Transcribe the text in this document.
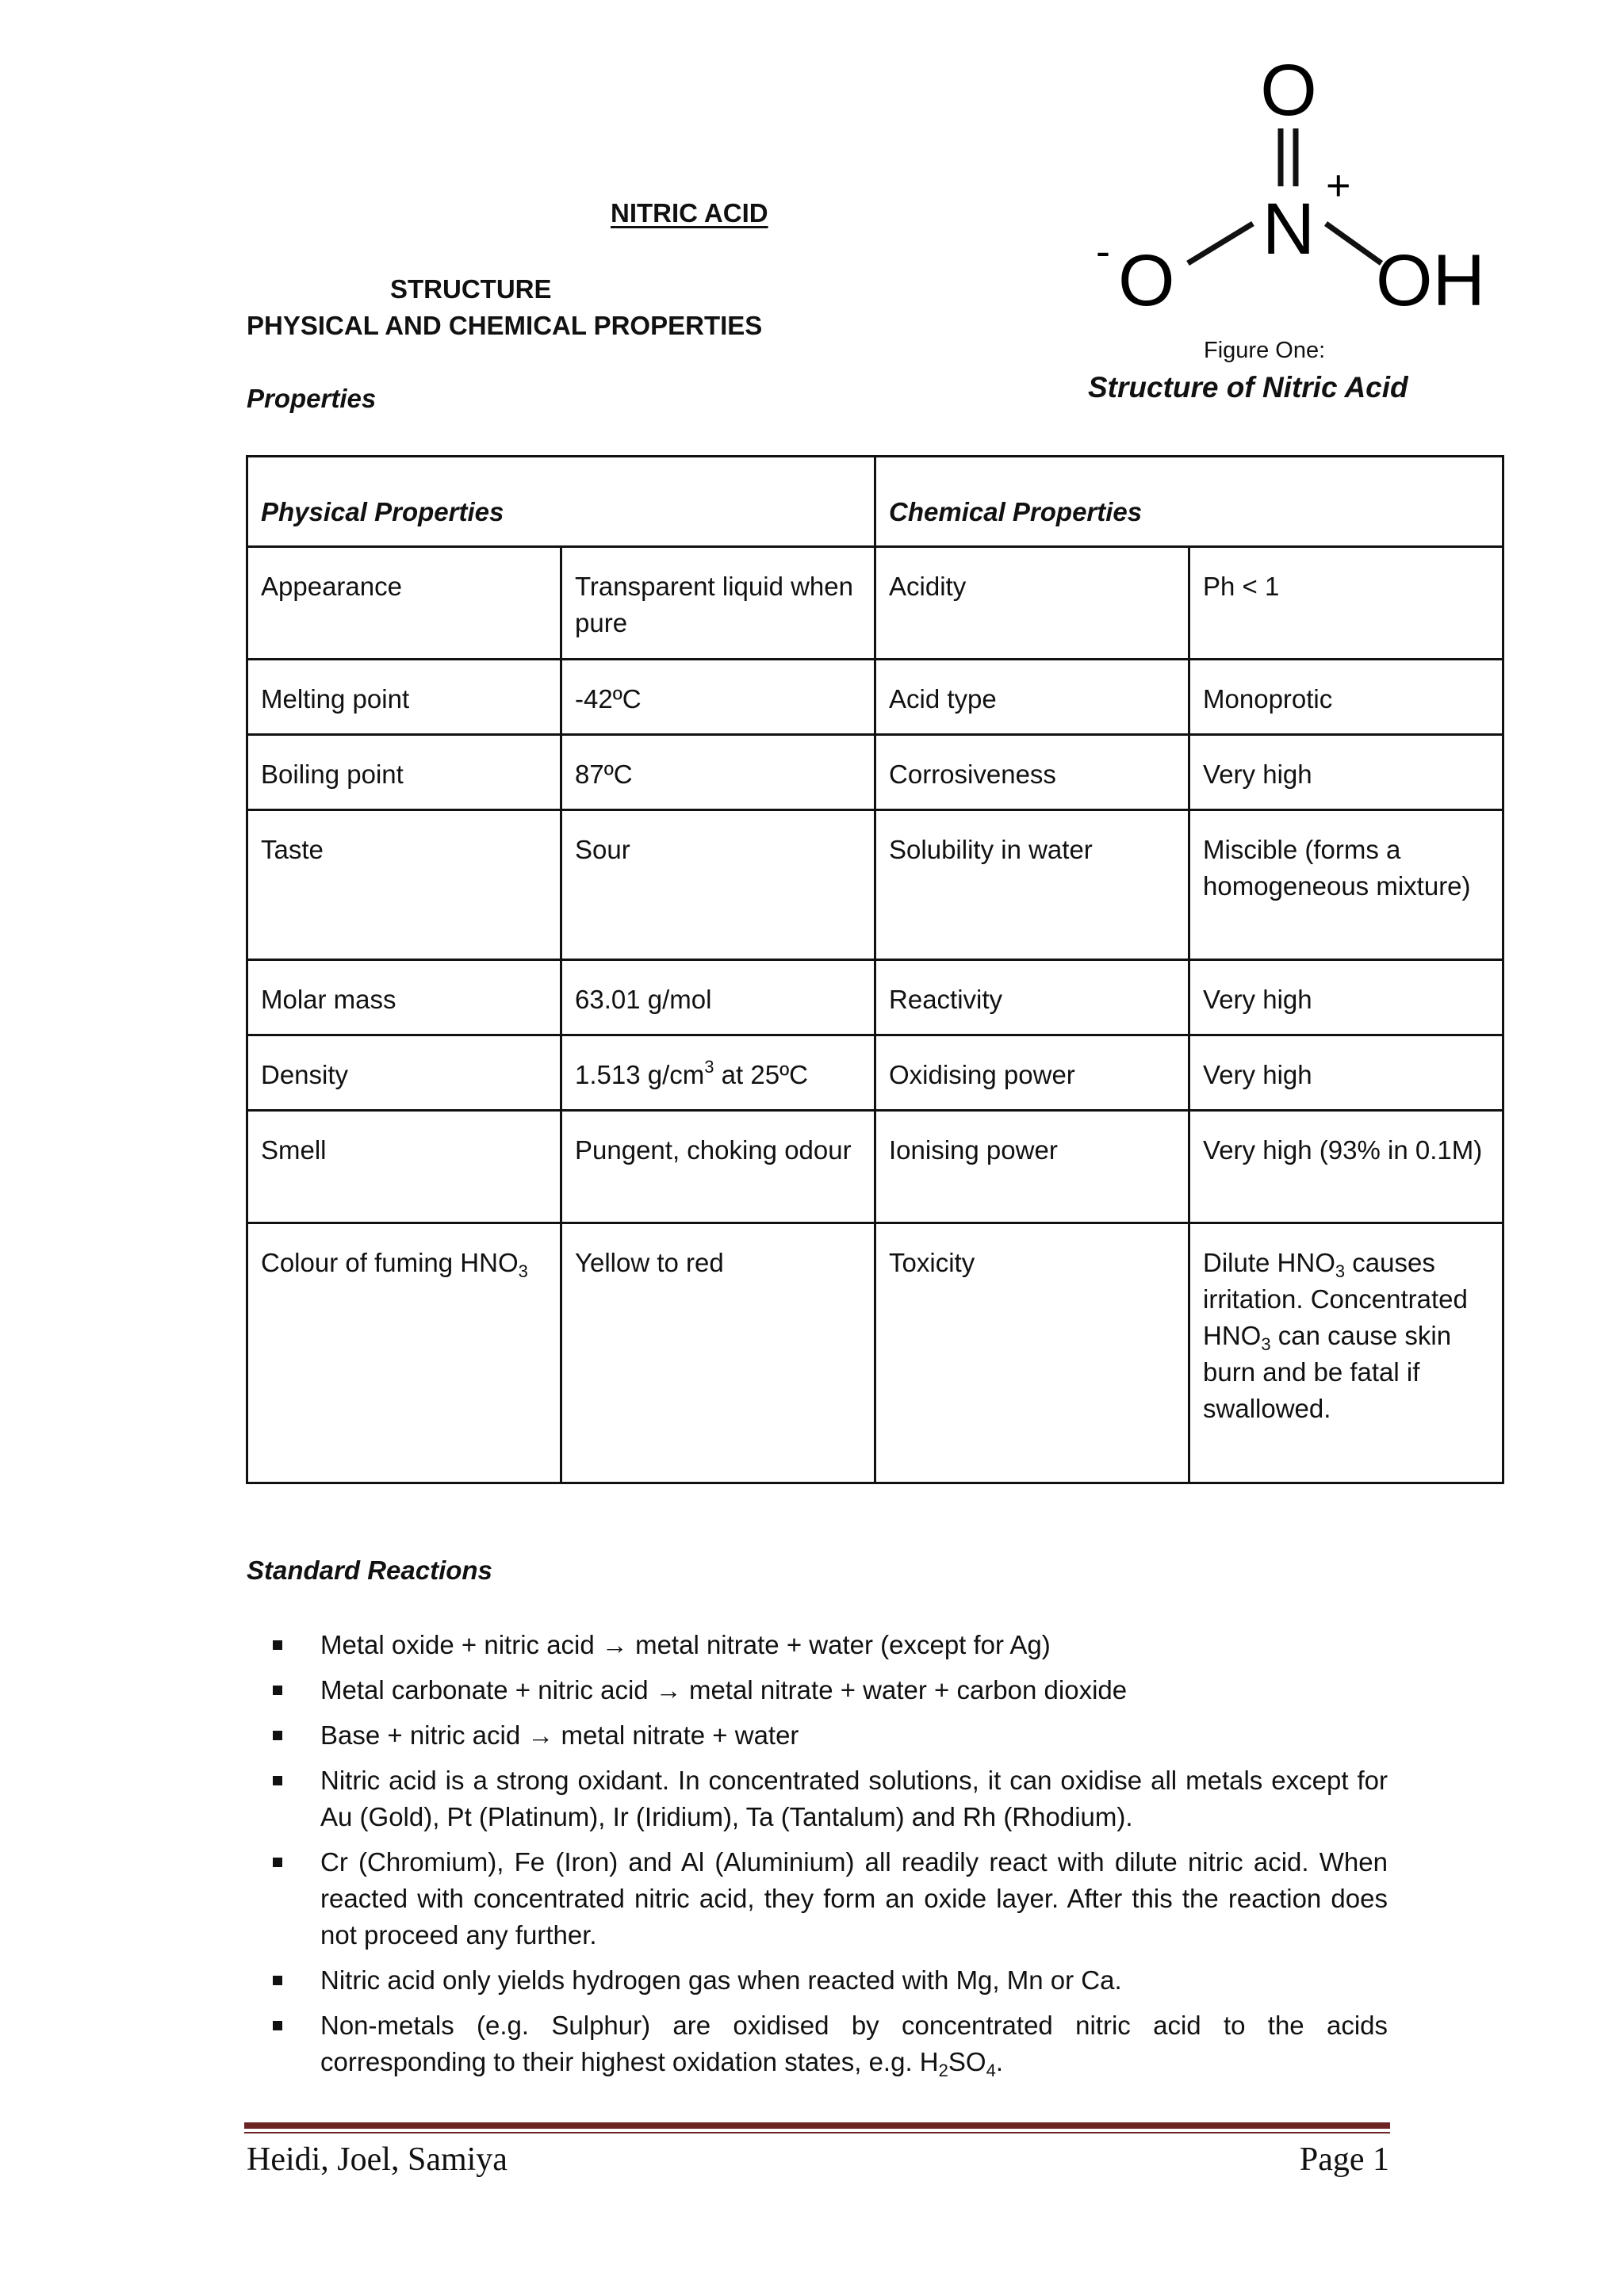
NITRIC ACID
STRUCTURE
PHYSICAL AND CHEMICAL PROPERTIES
Properties
O
N
+
- O	OH
Figure One:
Structure of Nitric Acid
Physical Properties		Chemical Properties	
Appearance	Transparent liquid when pure	Acidity	Ph < 1
Melting point	-42ºC	Acid type	Monoprotic
Boiling point	87ºC	Corrosiveness	Very high
Taste	Sour	Solubility in water	Miscible (forms a homogeneous mixture)
Molar mass	63.01 g/mol	Reactivity	Very high
Density	1.513 $g/cm^3$ at 25ºC	Oxidising power	Very high
Smell	Pungent, choking odour	Ionising power	Very high (93% in 0.1M)
Colour of fuming $HNO_3$	Yellow to red	Toxicity	Dilute $HNO_3$ causes irritation. Concentrated $HNO_3$ can cause skin burn and be fatal if swallowed.
Standard Reactions
Metal oxide + nitric acid → metal nitrate + water (except for Ag)
Metal carbonate + nitric acid → metal nitrate + water + carbon dioxide
Base + nitric acid → metal nitrate + water
Nitric acid is a strong oxidant. In concentrated solutions, it can oxidise all metals except for Au (Gold), Pt (Platinum), Ir (Iridium), Ta (Tantalum) and Rh (Rhodium).
Cr (Chromium), Fe (Iron) and Al (Aluminium) all readily react with dilute nitric acid. When reacted with concentrated nitric acid, they form an oxide layer. After this the reaction does not proceed any further.
Nitric acid only yields hydrogen gas when reacted with Mg, Mn or Ca.
Non-metals (e.g. Sulphur) are oxidised by concentrated nitric acid to the acids corresponding to their highest oxidation states, e.g. $H_2SO_4$.
Heidi, Joel, Samiya	Page 1
